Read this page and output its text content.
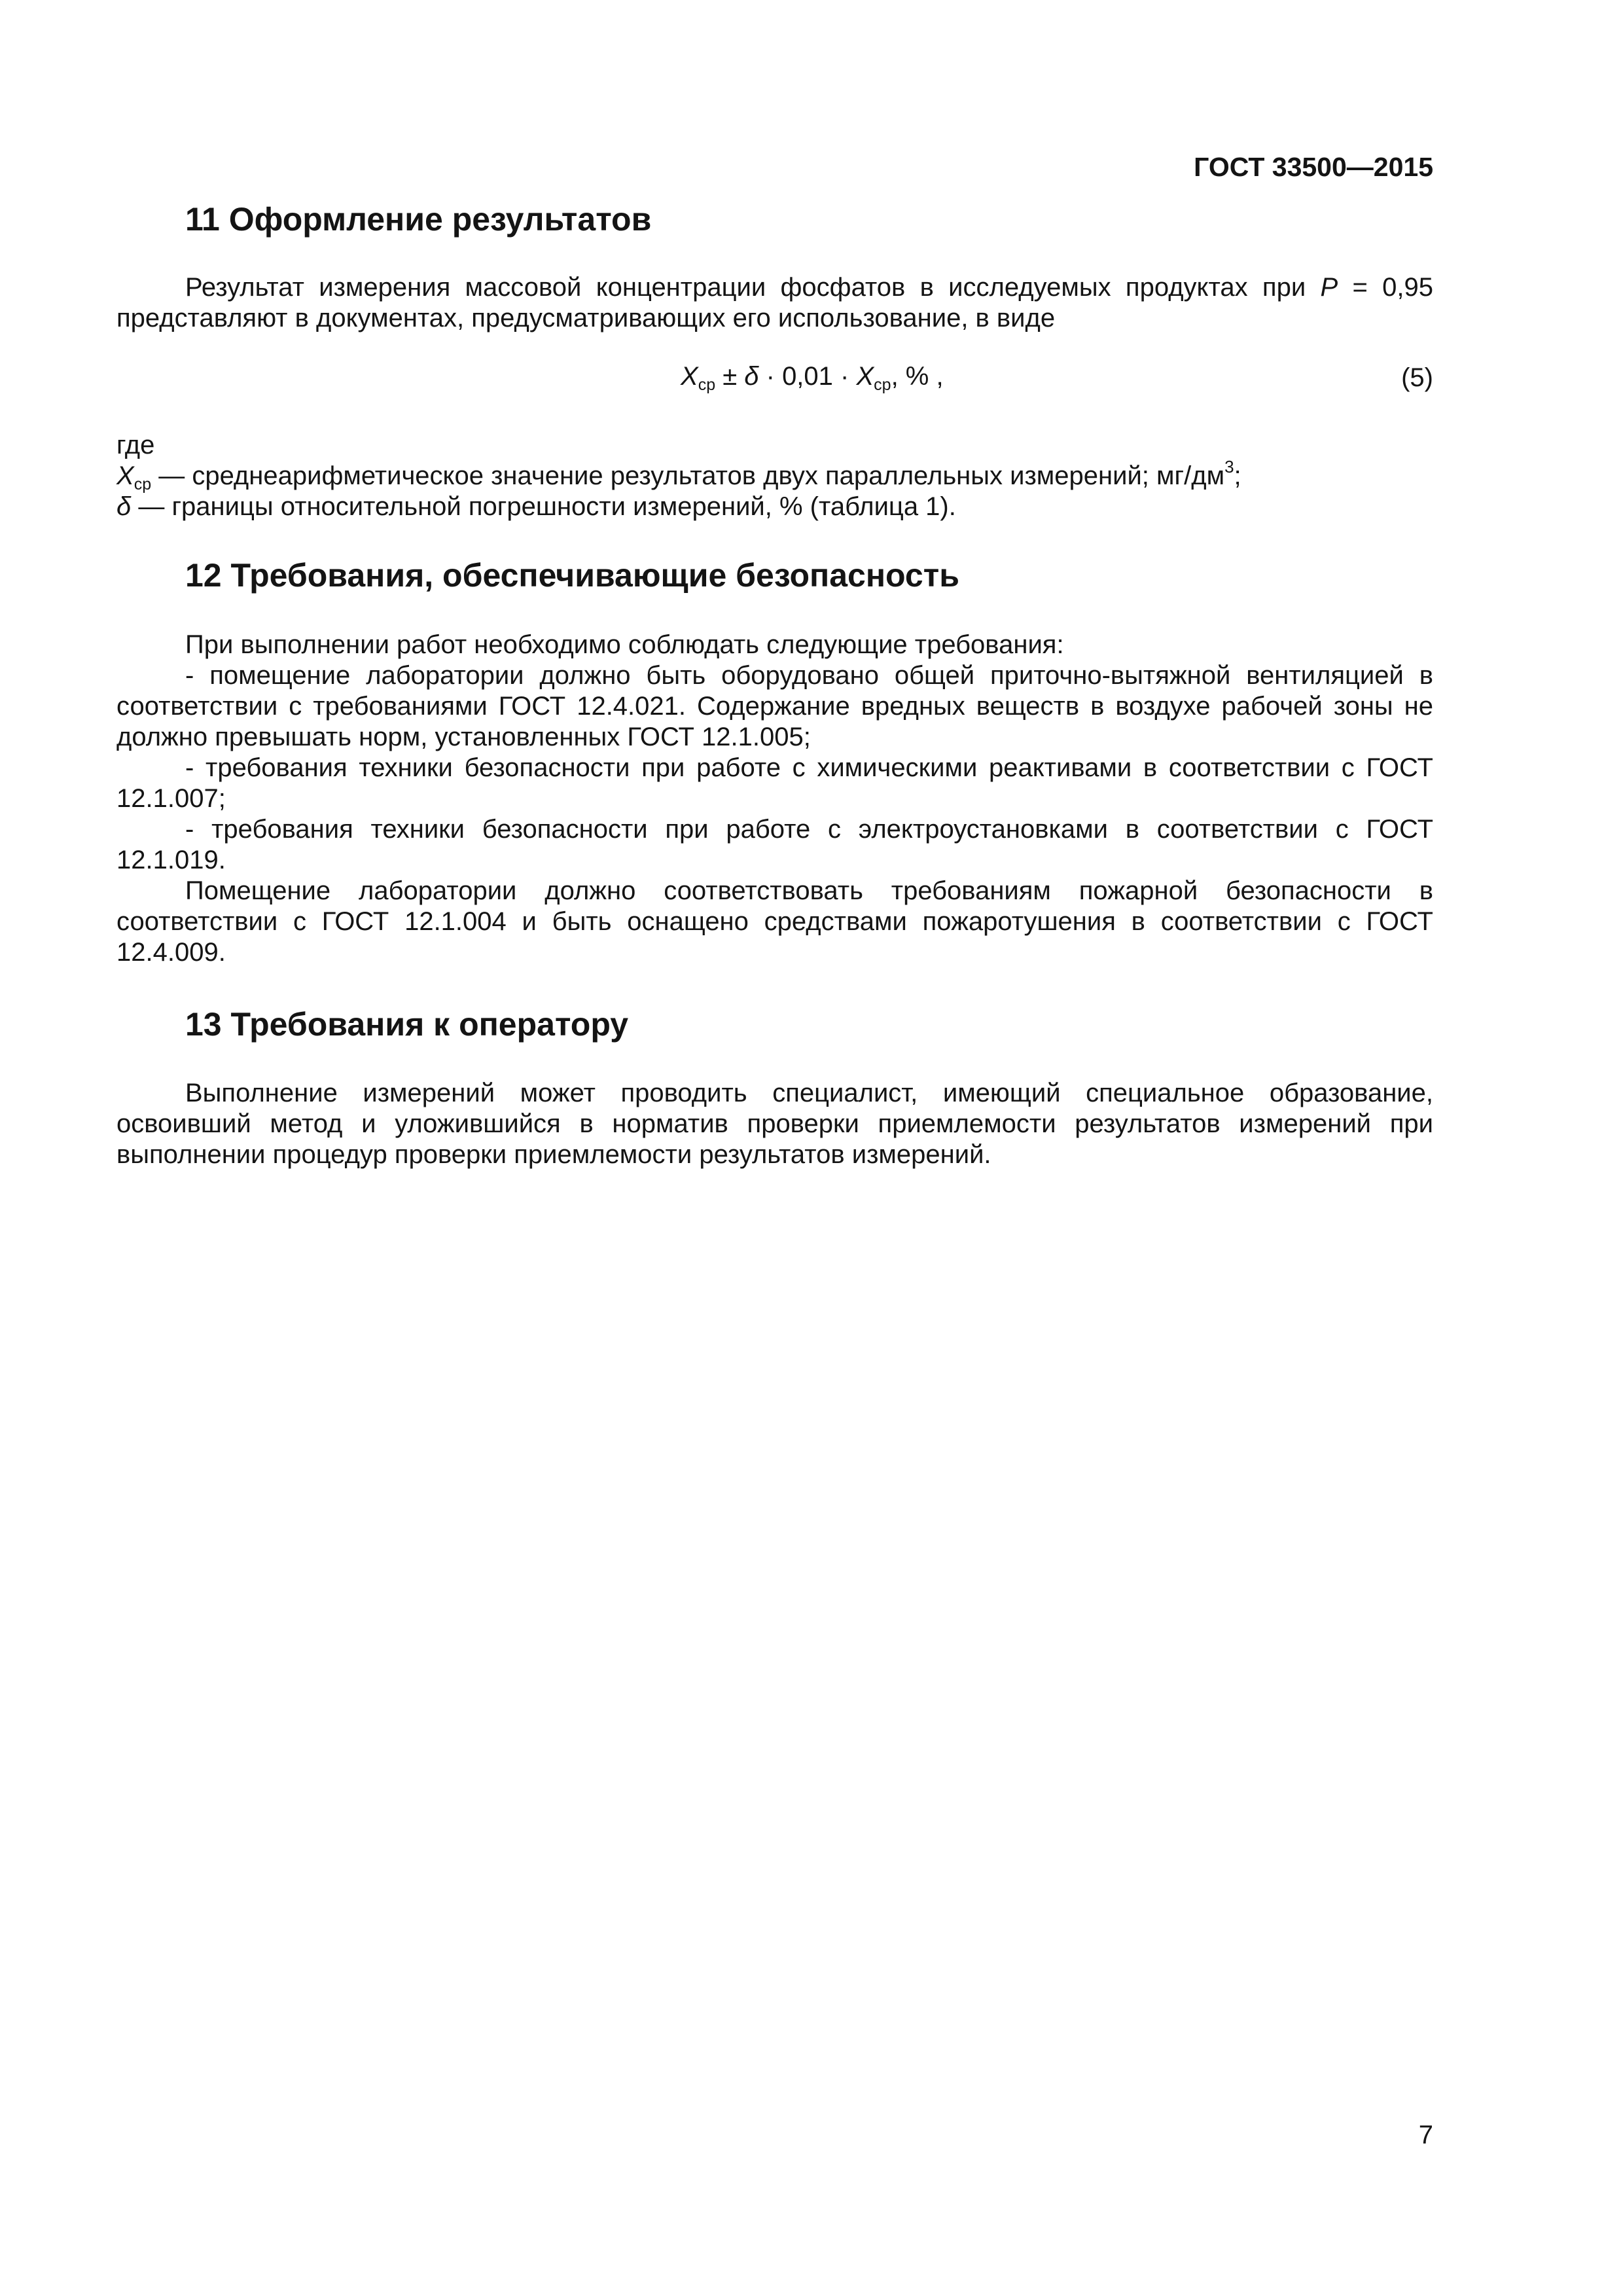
ГОСТ 33500—2015
11 Оформление результатов
Результат измерения массовой концентрации фосфатов в исследуемых продуктах при P = 0,95
представляют в документах, предусматривающих его использование, в виде
$X_{ср} \pm \delta \cdot 0,01 \cdot X_{ср}$, % ,	(5)
где
$X_{ср}$ — среднеарифметическое значение результатов двух параллельных измерений; $мг/дм^3$;
δ — границы относительной погрешности измерений, % (таблица 1).
12 Требования, обеспечивающие безопасность
При выполнении работ необходимо соблюдать следующие требования:
- помещение лаборатории должно быть оборудовано общей приточно-вытяжной вентиляцией в соответствии с требованиями ГОСТ 12.4.021. Содержание вредных веществ в воздухе рабочей зоны не должно превышать норм, установленных ГОСТ 12.1.005;
- требования техники безопасности при работе с химическими реактивами в соответствии с ГОСТ 12.1.007;
- требования техники безопасности при работе с электроустановками в соответствии с ГОСТ 12.1.019.
Помещение лаборатории должно соответствовать требованиям пожарной безопасности в соответствии с ГОСТ 12.1.004 и быть оснащено средствами пожаротушения в соответствии с ГОСТ 12.4.009.
13 Требования к оператору
Выполнение измерений может проводить специалист, имеющий специальное образование, освоивший метод и уложившийся в норматив проверки приемлемости результатов измерений при выполнении процедур проверки приемлемости результатов измерений.
7
